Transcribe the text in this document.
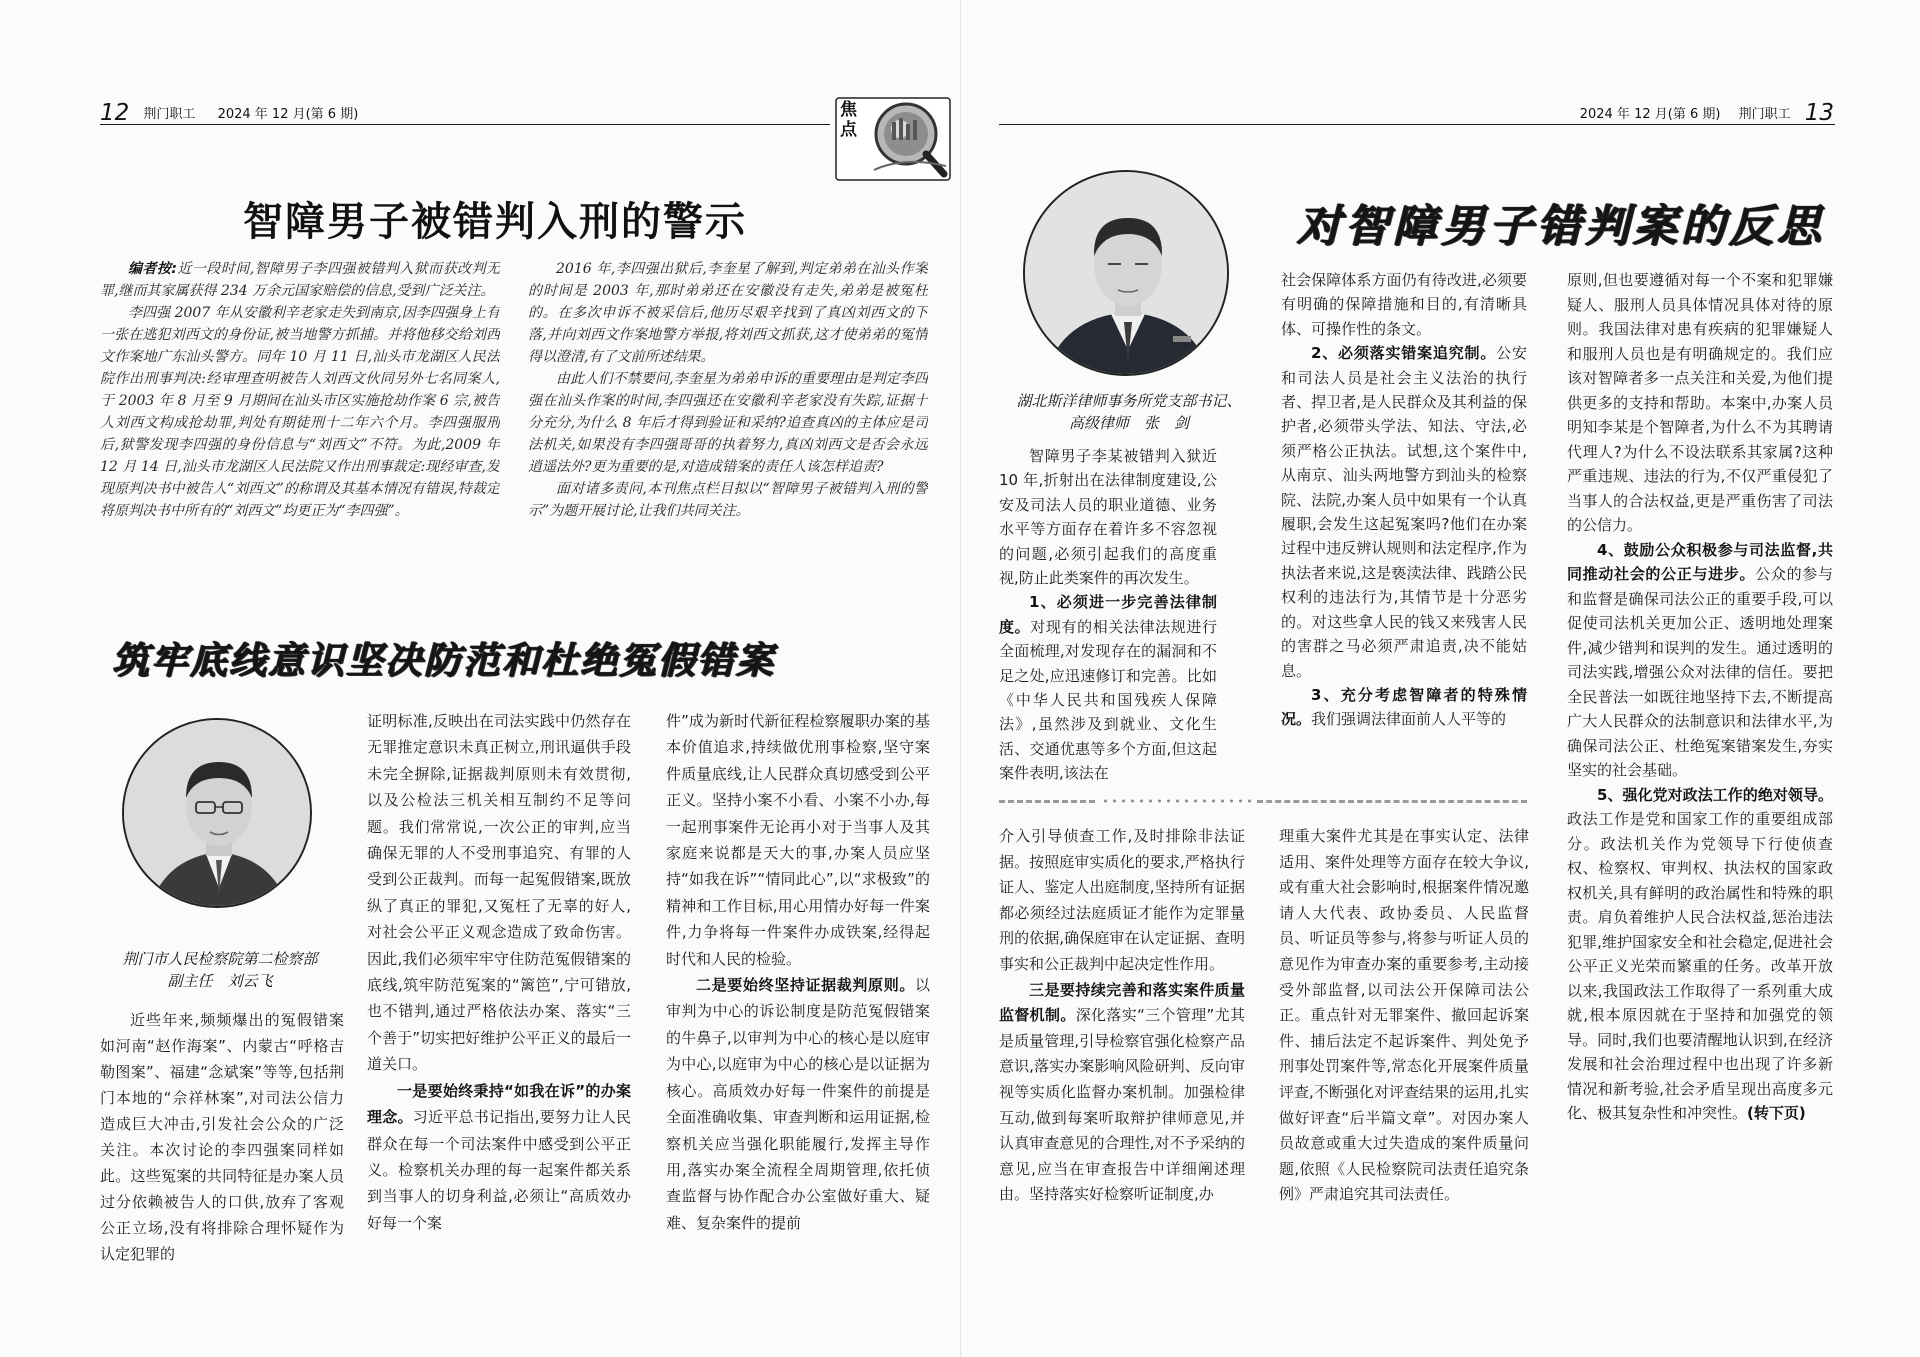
12 荆门职工 2024 年 12 月(第 6 期)	焦点
智障男子被错判入刑的警示

编者按:近一段时间,智障男子李四强被错判入狱而获改判无罪,继而其家属获得 234 万余元国家赔偿的信息,受到广泛关注。

李四强 2007 年从安徽利辛老家走失到南京,因李四强身上有一张在逃犯刘西文的身份证,被当地警方抓捕。并将他移交给刘西文作案地广东汕头警方。同年 10 月 11 日,汕头市龙湖区人民法院作出刑事判决:经审理查明被告人刘西文伙同另外七名同案人,于 2003 年 8 月至 9 月期间在汕头市区实施抢劫作案 6 宗,被告人刘西文构成抢劫罪,判处有期徒刑十二年六个月。李四强服刑后,狱警发现李四强的身份信息与“刘西文”不符。为此,2009 年 12 月 14 日,汕头市龙湖区人民法院又作出刑事裁定:现经审查,发现原判决书中被告人“刘西文”的称谓及其基本情况有错误,特裁定将原判决书中所有的“刘西文”均更正为“李四强”。

2016 年,李四强出狱后,李奎星了解到,判定弟弟在汕头作案的时间是 2003 年,那时弟弟还在安徽没有走失,弟弟是被冤枉的。在多次申诉不被采信后,他历尽艰辛找到了真凶刘西文的下落,并向刘西文作案地警方举报,将刘西文抓获,这才使弟弟的冤情得以澄清,有了文前所述结果。

由此人们不禁要问,李奎星为弟弟申诉的重要理由是判定李四强在汕头作案的时间,李四强还在安徽利辛老家没有失踪,证据十分充分,为什么 8 年后才得到验证和采纳?追查真凶的主体应是司法机关,如果没有李四强哥哥的执着努力,真凶刘西文是否会永远逍遥法外?更为重要的是,对造成错案的责任人该怎样追责?

面对诸多责问,本刊焦点栏目拟以“智障男子被错判入刑的警示”为题开展讨论,让我们共同关注。

筑牢底线意识坚决防范和杜绝冤假错案
荆门市人民检察院第二检察部
副主任　刘云飞

近些年来,频频爆出的冤假错案如河南“赵作海案”、内蒙古“呼格吉勒图案”、福建“念斌案”等等,包括荆门本地的“佘祥林案”,对司法公信力造成巨大冲击,引发社会公众的广泛关注。本次讨论的李四强案同样如此。这些冤案的共同特征是办案人员过分依赖被告人的口供,放弃了客观公正立场,没有将排除合理怀疑作为认定犯罪的

证明标准,反映出在司法实践中仍然存在无罪推定意识未真正树立,刑讯逼供手段未完全摒除,证据裁判原则未有效贯彻,以及公检法三机关相互制约不足等问题。我们常常说,一次公正的审判,应当确保无罪的人不受刑事追究、有罪的人受到公正裁判。而每一起冤假错案,既放纵了真正的罪犯,又冤枉了无辜的好人,对社会公平正义观念造成了致命伤害。因此,我们必须牢牢守住防范冤假错案的底线,筑牢防范冤案的“篱笆”,宁可错放,也不错判,通过严格依法办案、落实“三个善于”切实把好维护公平正义的最后一道关口。

一是要始终秉持“如我在诉”的办案理念。习近平总书记指出,要努力让人民群众在每一个司法案件中感受到公平正义。检察机关办理的每一起案件都关系到当事人的切身利益,必须让“高质效办好每一个案

件”成为新时代新征程检察履职办案的基本价值追求,持续做优刑事检察,坚守案件质量底线,让人民群众真切感受到公平正义。坚持小案不小看、小案不小办,每一起刑事案件无论再小对于当事人及其家庭来说都是天大的事,办案人员应坚持“如我在诉”“情同此心”,以“求极致”的精神和工作目标,用心用情办好每一件案件,力争将每一件案件办成铁案,经得起时代和人民的检验。

二是要始终坚持证据裁判原则。以审判为中心的诉讼制度是防范冤假错案的牛鼻子,以审判为中心的核心是以庭审为中心,以庭审为中心的核心是以证据为核心。高质效办好每一件案件的前提是全面准确收集、审查判断和运用证据,检察机关应当强化职能履行,发挥主导作用,落实办案全流程全周期管理,依托侦查监督与协作配合办公室做好重大、疑难、复杂案件的提前

2024 年 12 月(第 6 期) 荆门职工 13
湖北斯洋律师事务所党支部书记、
高级律师　张　剑
对智障男子错判案的反思

智障男子李某被错判入狱近 10 年,折射出在法律制度建设,公安及司法人员的职业道德、业务水平等方面存在着许多不容忽视的问题,必须引起我们的高度重视,防止此类案件的再次发生。

1、必须进一步完善法律制度。对现有的相关法律法规进行全面梳理,对发现存在的漏洞和不足之处,应迅速修订和完善。比如《中华人民共和国残疾人保障法》,虽然涉及到就业、文化生活、交通优惠等多个方面,但这起案件表明,该法在

社会保障体系方面仍有待改进,必须要有明确的保障措施和目的,有清晰具体、可操作性的条文。

2、必须落实错案追究制。公安和司法人员是社会主义法治的执行者、捍卫者,是人民群众及其利益的保护者,必须带头学法、知法、守法,必须严格公正执法。试想,这个案件中,从南京、汕头两地警方到汕头的检察院、法院,办案人员中如果有一个认真履职,会发生这起冤案吗?他们在办案过程中违反辨认规则和法定程序,作为执法者来说,这是亵渎法律、践踏公民权利的违法行为,其情节是十分恶劣的。对这些拿人民的钱又来残害人民的害群之马必须严肃追责,决不能姑息。

3、充分考虑智障者的特殊情况。我们强调法律面前人人平等的

原则,但也要遵循对每一个不案和犯罪嫌疑人、服刑人员具体情况具体对待的原则。我国法律对患有疾病的犯罪嫌疑人和服刑人员也是有明确规定的。我们应该对智障者多一点关注和关爱,为他们提供更多的支持和帮助。本案中,办案人员明知李某是个智障者,为什么不为其聘请代理人?为什么不设法联系其家属?这种严重违规、违法的行为,不仅严重侵犯了当事人的合法权益,更是严重伤害了司法的公信力。

4、鼓励公众积极参与司法监督,共同推动社会的公正与进步。公众的参与和监督是确保司法公正的重要手段,可以促使司法机关更加公正、透明地处理案件,减少错判和误判的发生。通过透明的司法实践,增强公众对法律的信任。要把全民普法一如既往地坚持下去,不断提高广大人民群众的法制意识和法律水平,为确保司法公正、杜绝冤案错案发生,夯实坚实的社会基础。

5、强化党对政法工作的绝对领导。政法工作是党和国家工作的重要组成部分。政法机关作为党领导下行使侦查权、检察权、审判权、执法权的国家政权机关,具有鲜明的政治属性和特殊的职责。肩负着维护人民合法权益,惩治违法犯罪,维护国家安全和社会稳定,促进社会公平正义光荣而繁重的任务。改革开放以来,我国政法工作取得了一系列重大成就,根本原因就在于坚持和加强党的领导。同时,我们也要清醒地认识到,在经济发展和社会治理过程中也出现了许多新情况和新考验,社会矛盾呈现出高度多元化、极其复杂性和冲突性。(转下页)

介入引导侦查工作,及时排除非法证据。按照庭审实质化的要求,严格执行证人、鉴定人出庭制度,坚持所有证据都必须经过法庭质证才能作为定罪量刑的依据,确保庭审在认定证据、查明事实和公正裁判中起决定性作用。

三是要持续完善和落实案件质量监督机制。深化落实“三个管理”尤其是质量管理,引导检察官强化检察产品意识,落实办案影响风险研判、反向审视等实质化监督办案机制。加强检律互动,做到每案听取辩护律师意见,并认真审查意见的合理性,对不予采纳的意见,应当在审查报告中详细阐述理由。坚持落实好检察听证制度,办

理重大案件尤其是在事实认定、法律适用、案件处理等方面存在较大争议,或有重大社会影响时,根据案件情况邀请人大代表、政协委员、人民监督员、听证员等参与,将参与听证人员的意见作为审查办案的重要参考,主动接受外部监督,以司法公开保障司法公正。重点针对无罪案件、撤回起诉案件、捕后法定不起诉案件、判处免予刑事处罚案件等,常态化开展案件质量评查,不断强化对评查结果的运用,扎实做好评查“后半篇文章”。对因办案人员故意或重大过失造成的案件质量问题,依照《人民检察院司法责任追究条例》严肃追究其司法责任。
